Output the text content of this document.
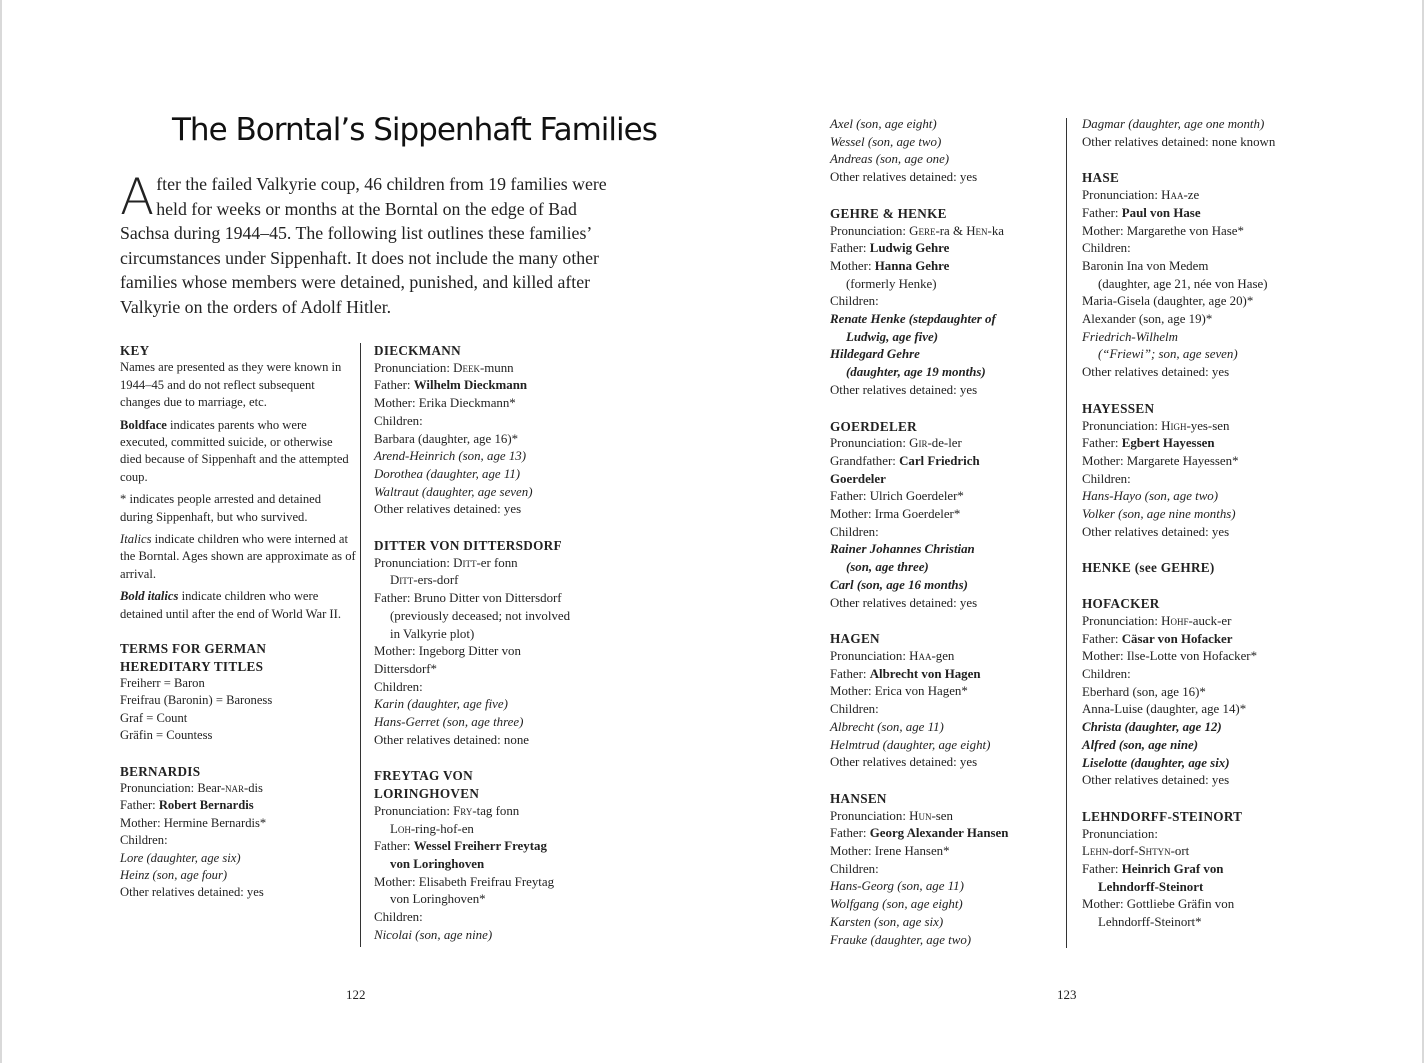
The Borntal’s Sippenhaft Families
After the failed Valkyrie coup, 46 children from 19 families were held for weeks or months at the Borntal on the edge of Bad Sachsa during 1944–45. The following list outlines these families’ circumstances under Sippenhaft. It does not include the many other families whose members were detained, punished, and killed after Valkyrie on the orders of Adolf Hitler.
KEY

Names are presented as they were known in 1944–45 and do not reflect subsequent changes due to marriage, etc.

Boldface indicates parents who were executed, committed suicide, or otherwise died because of Sippenhaft and the attempted coup.

* indicates people arrested and detained during Sippenhaft, but who survived.

Italics indicate children who were interned at the Borntal. Ages shown are approximate as of arrival.

Bold italics indicate children who were detained until after the end of World War II.

TERMS FOR GERMAN
HEREDITARY TITLES
Freiherr = Baron
Freifrau (Baronin) = Baroness
Graf = Count
Gräfin = Countess
BERNARDIS
Pronunciation: Bear-nar-dis
Father: Robert Bernardis
Mother: Hermine Bernardis*
Children:
Lore (daughter, age six)
Heinz (son, age four)
Other relatives detained: yes
DIECKMANN
Pronunciation: Deek-munn
Father: Wilhelm Dieckmann
Mother: Erika Dieckmann*
Children:
Barbara (daughter, age 16)*
Arend-Heinrich (son, age 13)
Dorothea (daughter, age 11)
Waltraut (daughter, age seven)
Other relatives detained: yes
DITTER VON DITTERSDORF
Pronunciation: Ditt-er fonn
Ditt-ers-dorf
Father: Bruno Ditter von Dittersdorf
(previously deceased; not involved
in Valkyrie plot)
Mother: Ingeborg Ditter von
Dittersdorf*
Children:
Karin (daughter, age five)
Hans-Gerret (son, age three)
Other relatives detained: none
FREYTAG VON
LORINGHOVEN
Pronunciation: Fry-tag fonn
Loh-ring-hof-en
Father: Wessel Freiherr Freytag
von Loringhoven
Mother: Elisabeth Freifrau Freytag
von Loringhoven*
Children:
Nicolai (son, age nine)
122
Axel (son, age eight)
Wessel (son, age two)
Andreas (son, age one)
Other relatives detained: yes
GEHRE & HENKE
Pronunciation: Gere-ra & Hen-ka
Father: Ludwig Gehre
Mother: Hanna Gehre
(formerly Henke)
Children:
Renate Henke (stepdaughter of
Ludwig, age five)
Hildegard Gehre
(daughter, age 19 months)
Other relatives detained: yes
GOERDELER
Pronunciation: Gir-de-ler
Grandfather: Carl Friedrich
Goerdeler
Father: Ulrich Goerdeler*
Mother: Irma Goerdeler*
Children:
Rainer Johannes Christian
(son, age three)
Carl (son, age 16 months)
Other relatives detained: yes
HAGEN
Pronunciation: Haa-gen
Father: Albrecht von Hagen
Mother: Erica von Hagen*
Children:
Albrecht (son, age 11)
Helmtrud (daughter, age eight)
Other relatives detained: yes
HANSEN
Pronunciation: Hun-sen
Father: Georg Alexander Hansen
Mother: Irene Hansen*
Children:
Hans-Georg (son, age 11)
Wolfgang (son, age eight)
Karsten (son, age six)
Frauke (daughter, age two)
Dagmar (daughter, age one month)
Other relatives detained: none known
HASE
Pronunciation: Haa-ze
Father: Paul von Hase
Mother: Margarethe von Hase*
Children:
Baronin Ina von Medem
(daughter, age 21, née von Hase)
Maria-Gisela (daughter, age 20)*
Alexander (son, age 19)*
Friedrich-Wilhelm
(“Friewi”; son, age seven)
Other relatives detained: yes
HAYESSEN
Pronunciation: High-yes-sen
Father: Egbert Hayessen
Mother: Margarete Hayessen*
Children:
Hans-Hayo (son, age two)
Volker (son, age nine months)
Other relatives detained: yes
HENKE (see GEHRE)
HOFACKER
Pronunciation: Hohf-auck-er
Father: Cäsar von Hofacker
Mother: Ilse-Lotte von Hofacker*
Children:
Eberhard (son, age 16)*
Anna-Luise (daughter, age 14)*
Christa (daughter, age 12)
Alfred (son, age nine)
Liselotte (daughter, age six)
Other relatives detained: yes
LEHNDORFF-STEINORT
Pronunciation:
Lehn-dorf-Shtyn-ort
Father: Heinrich Graf von
Lehndorff-Steinort
Mother: Gottliebe Gräfin von
Lehndorff-Steinort*
123
